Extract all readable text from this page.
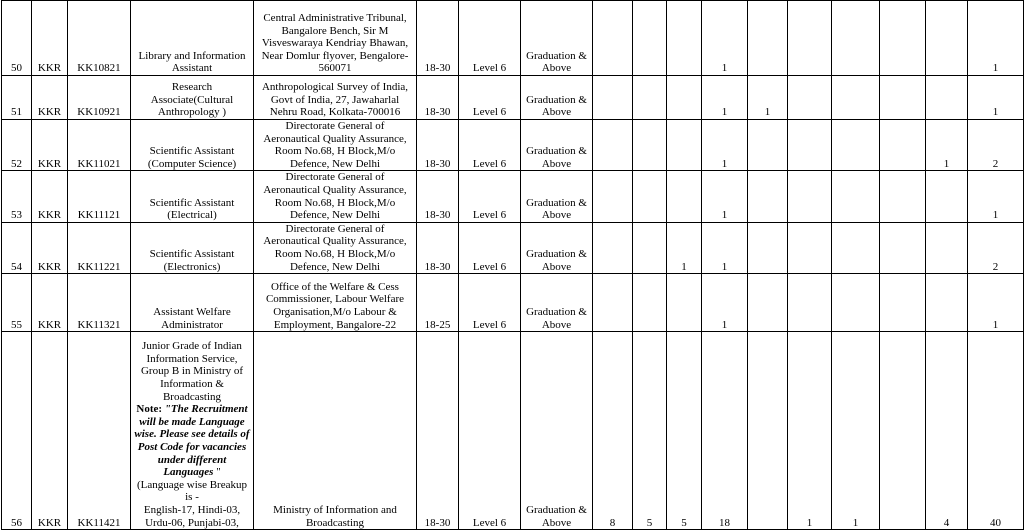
50	KKR	KK10821	Library and Information
Assistant	Central Administrative Tribunal,
Bangalore Bench, Sir M
Visveswaraya Kendriay Bhawan,
Near Domlur flyover, Bengalore-
560071	18-30	Level 6	Graduation &
Above				1						1
51	KKR	KK10921	Research
Associate(Cultural
Anthropology )	Anthropological Survey of India,
Govt of India, 27, Jawaharlal
Nehru Road, Kolkata-700016	18-30	Level 6	Graduation &
Above				1	1					1
52	KKR	KK11021	Scientific Assistant
(Computer Science)	Directorate General of
Aeronautical Quality Assurance,
Room No.68, H Block,M/o
Defence, New Delhi	18-30	Level 6	Graduation &
Above				1					1	2
53	KKR	KK11121	Scientific Assistant
(Electrical)	Directorate General of
Aeronautical Quality Assurance,
Room No.68, H Block,M/o
Defence, New Delhi	18-30	Level 6	Graduation &
Above				1						1
54	KKR	KK11221	Scientific Assistant
(Electronics)	Directorate General of
Aeronautical Quality Assurance,
Room No.68, H Block,M/o
Defence, New Delhi	18-30	Level 6	Graduation &
Above			1	1						2
55	KKR	KK11321	Assistant Welfare
Administrator	Office of the Welfare & Cess
Commissioner, Labour Welfare
Organisation,M/o Labour &
Employment, Bangalore-22	18-25	Level 6	Graduation &
Above				1						1
56	KKR	KK11421	Junior Grade of Indian Information Service, Group B in Ministry of Information & Broadcasting
Note: "The Recruitment will be made Language wise. Please see details of Post Code for vacancies under different Languages "
(Language wise Breakup is -
English-17, Hindi-03, Urdu-06, Punjabi-03,	Ministry of Information and
Broadcasting	18-30	Level 6	Graduation &
Above	8	5	5	18		1	1		4	40
